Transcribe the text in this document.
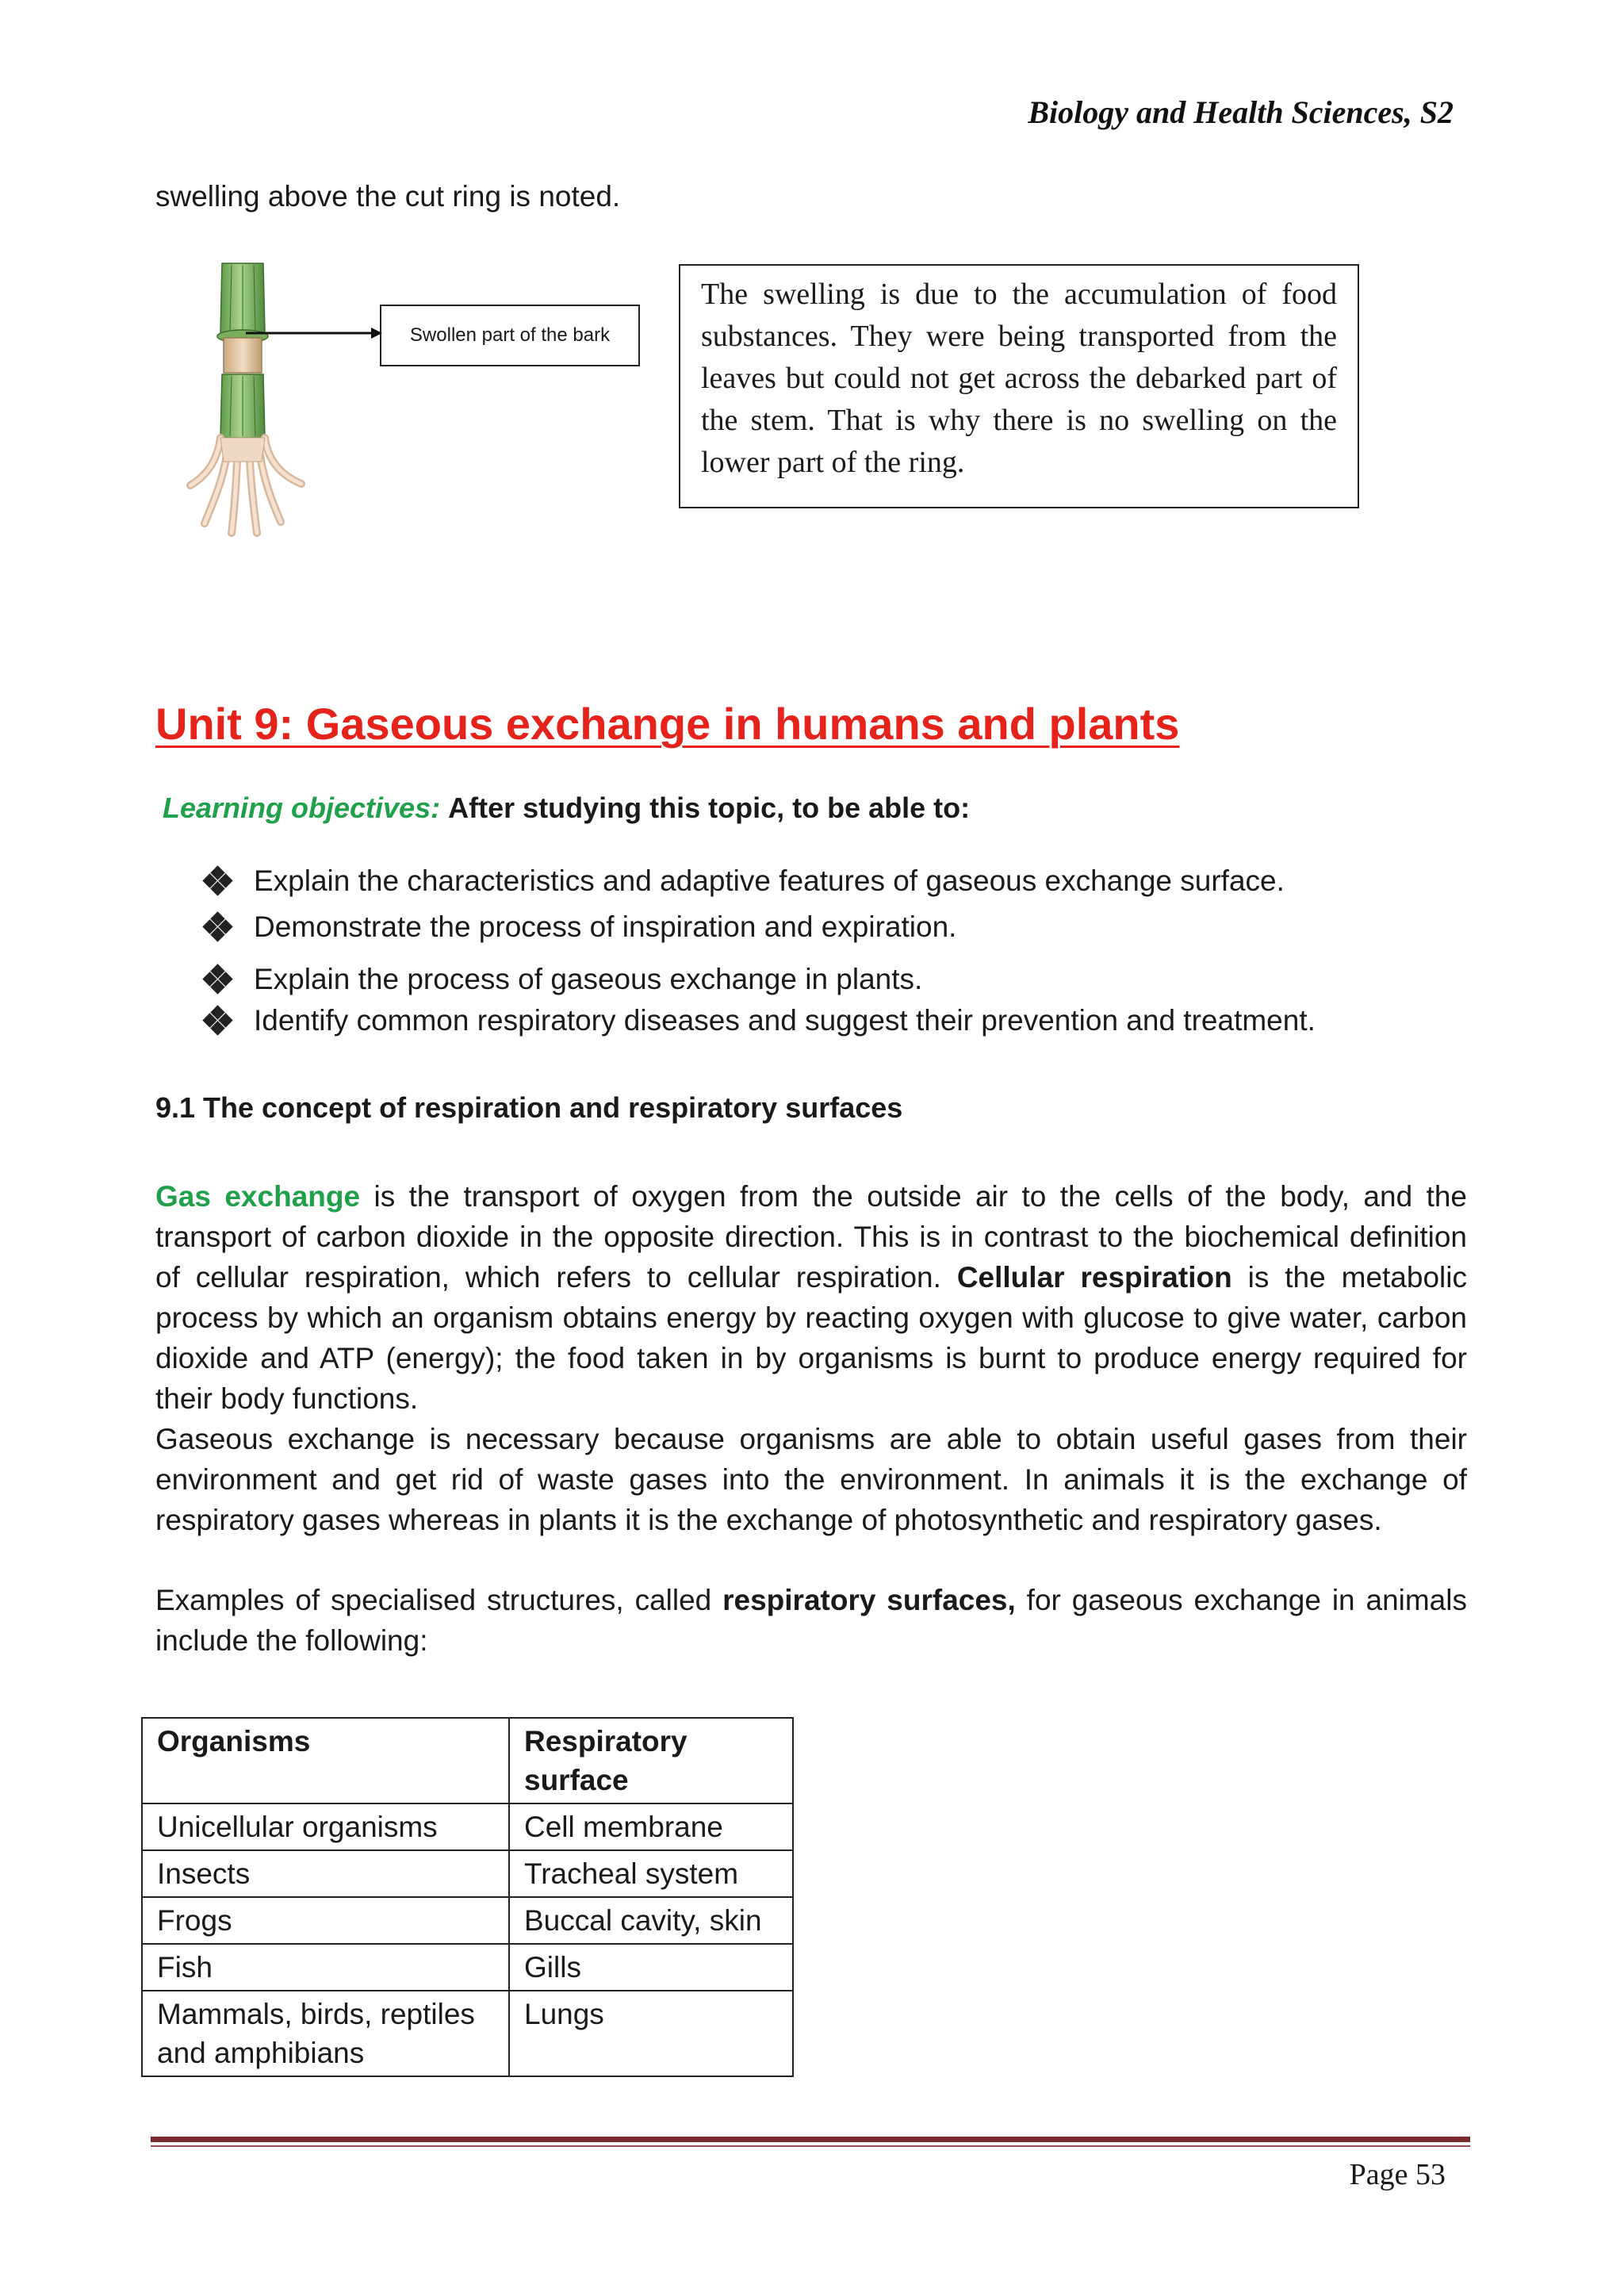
Biology and Health Sciences, S2
swelling above the cut ring is noted.
Swollen part of the bark
The swelling is due to the accumulation of food substances. They were being transported from the leaves but could not get across the debarked part of the stem. That is why there is no swelling on the lower part of the ring.
Unit 9: Gaseous exchange in humans and plants
Learning objectives: After studying this topic, to be able to:
Explain the characteristics and adaptive features of gaseous exchange surface.
Demonstrate the process of inspiration and expiration.
Explain the process of gaseous exchange in plants.
Identify common respiratory diseases and suggest their prevention and treatment.
9.1 The concept of respiration and respiratory surfaces

Gas exchange is the transport of oxygen from the outside air to the cells of the body, and the transport of carbon dioxide in the opposite direction. This is in contrast to the biochemical definition of cellular respiration, which refers to cellular respiration. Cellular respiration is the metabolic process by which an organism obtains energy by reacting oxygen with glucose to give water, carbon dioxide and ATP (energy); the food taken in by organisms is burnt to produce energy required for their body functions.

Gaseous exchange is necessary because organisms are able to obtain useful gases from their environment and get rid of waste gases into the environment. In animals it is the exchange of respiratory gases whereas in plants it is the exchange of photosynthetic and respiratory gases.

Examples of specialised structures, called respiratory surfaces, for gaseous exchange in animals include the following:

Organisms	Respiratory surface
Unicellular organisms	Cell membrane
Insects	Tracheal system
Frogs	Buccal cavity, skin
Fish	Gills
Mammals, birds, reptiles and amphibians	Lungs
Page 53
